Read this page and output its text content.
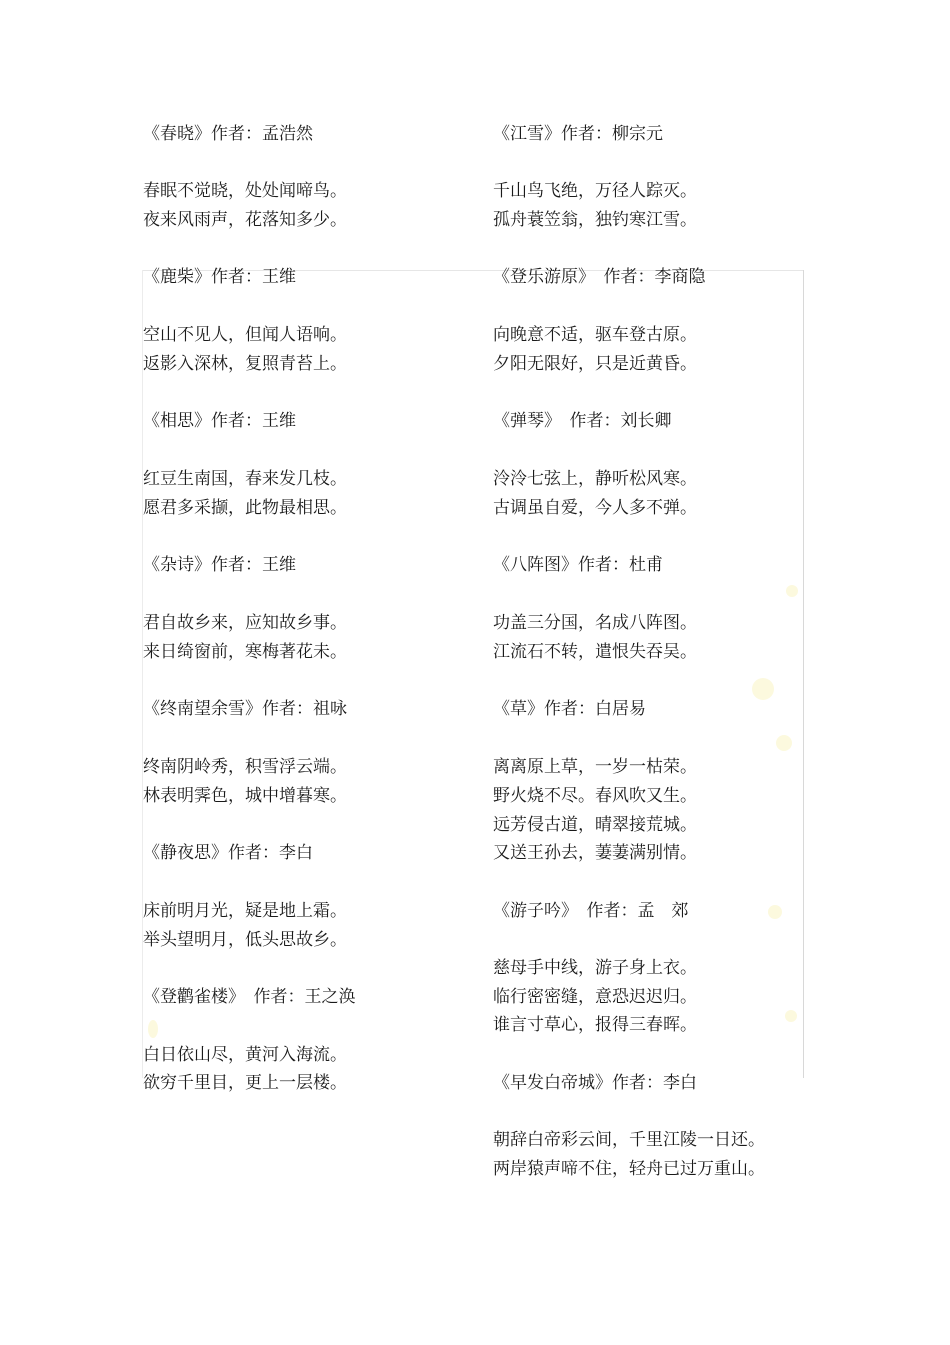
《春晓》作者：孟浩然
春眠不觉晓，处处闻啼鸟。
夜来风雨声，花落知多少。
《鹿柴》作者：王维
空山不见人，但闻人语响。
返影入深林，复照青苔上。
《相思》作者：王维
红豆生南国，春来发几枝。
愿君多采撷，此物最相思。
《杂诗》作者：王维
君自故乡来，应知故乡事。
来日绮窗前，寒梅著花未。
《终南望余雪》作者：祖咏
终南阴岭秀，积雪浮云端。
林表明霁色，城中增暮寒。
《静夜思》作者：李白
床前明月光，疑是地上霜。
举头望明月，低头思故乡。
《登鹳雀楼》　作者：王之涣
白日依山尽，黄河入海流。
欲穷千里目，更上一层楼。
《江雪》作者：柳宗元
千山鸟飞绝，万径人踪灭。
孤舟蓑笠翁，独钓寒江雪。
《登乐游原》　作者：李商隐
向晚意不适，驱车登古原。
夕阳无限好，只是近黄昏。
《弹琴》　作者：刘长卿
泠泠七弦上，静听松风寒。
古调虽自爱，今人多不弹。
《八阵图》作者：杜甫
功盖三分国，名成八阵图。
江流石不转，遣恨失吞吴。
《草》作者：白居易
离离原上草，一岁一枯荣。
野火烧不尽。春风吹又生。
远芳侵古道，晴翠接荒城。
又送王孙去，萋萋满别情。
《游子吟》　作者：孟　郊
慈母手中线，游子身上衣。
临行密密缝，意恐迟迟归。
谁言寸草心，报得三春晖。
《早发白帝城》作者：李白
朝辞白帝彩云间，千里江陵一日还。
两岸猿声啼不住，轻舟已过万重山。
